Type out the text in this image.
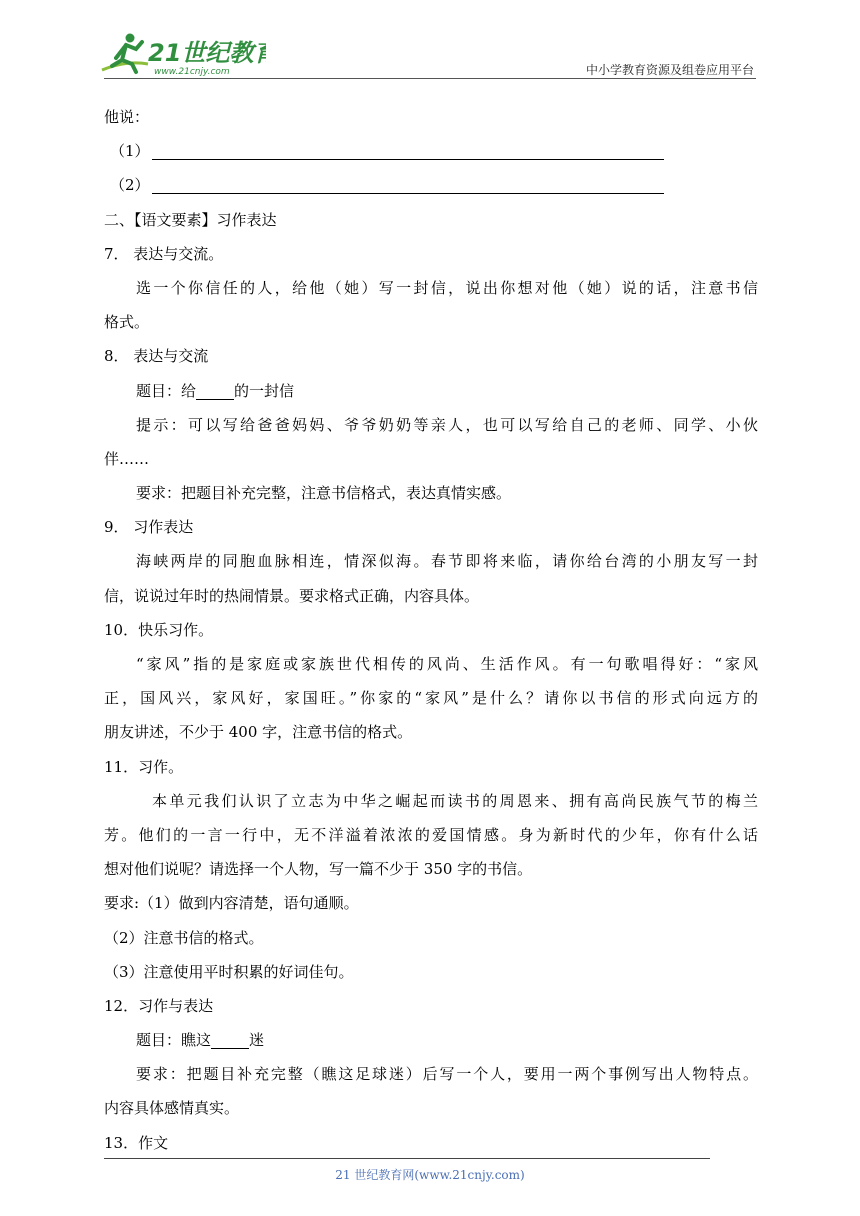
21世纪教育
www.21cnjy.com	中小学教育资源及组卷应用平台
他说：
（1）
（2）
二、【语文要素】习作表达
7． 表达与交流。
选一个你信任的人，给他（她）写一封信，说出你想对他（她）说的话，注意书信
格式。
8． 表达与交流
题目：给	的一封信
提示：可以写给爸爸妈妈、爷爷奶奶等亲人，也可以写给自己的老师、同学、小伙
伴……
要求：把题目补充完整，注意书信格式，表达真情实感。
9． 习作表达
海峡两岸的同胞血脉相连，情深似海。春节即将来临，请你给台湾的小朋友写一封
信，说说过年时的热闹情景。要求格式正确，内容具体。
10．快乐习作。
“家风”指的是家庭或家族世代相传的风尚、生活作风。有一句歌唱得好：“家风
正，国风兴，家风好，家国旺。”你家的“家风”是什么？请你以书信的形式向远方的
朋友讲述，不少于 400 字，注意书信的格式。
11．习作。
本单元我们认识了立志为中华之崛起而读书的周恩来、拥有高尚民族气节的梅兰
芳。他们的一言一行中，无不洋溢着浓浓的爱国情感。身为新时代的少年，你有什么话
想对他们说呢？请选择一个人物，写一篇不少于 350 字的书信。
要求:（1）做到内容清楚，语句通顺。
（2）注意书信的格式。
（3）注意使用平时积累的好词佳句。
12．习作与表达
题目：瞧这	迷
要求：把题目补充完整（瞧这足球迷）后写一个人，要用一两个事例写出人物特点。
内容具体感情真实。
13．作文
21 世纪教育网(www.21cnjy.com)
